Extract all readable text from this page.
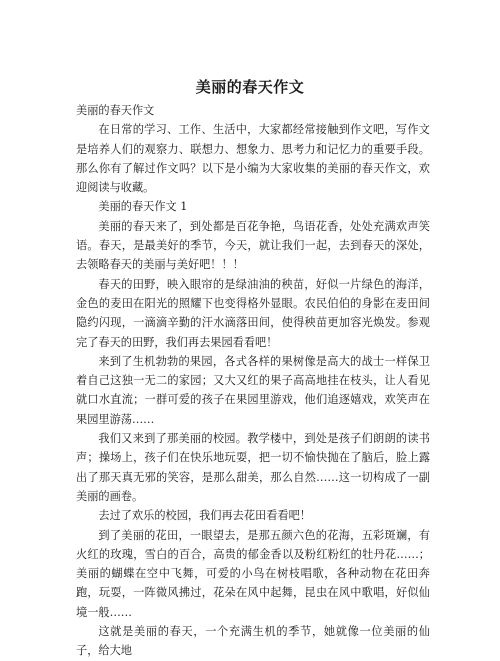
美丽的春天作文

美丽的春天作文

在日常的学习、工作、生活中，大家都经常接触到作文吧，写作文是培养人们的观察力、联想力、想象力、思考力和记忆力的重要手段。那么你有了解过作文吗？以下是小编为大家收集的美丽的春天作文，欢迎阅读与收藏。

美丽的春天作文 1

美丽的春天来了，到处都是百花争艳，鸟语花香，处处充满欢声笑语。春天，是最美好的季节，今天，就让我们一起，去到春天的深处，去领略春天的美丽与美好吧！！！

春天的田野，映入眼帘的是绿油油的秧苗，好似一片绿色的海洋，金色的麦田在阳光的照耀下也变得格外显眼。农民伯伯的身影在麦田间隐约闪现，一滴滴辛勤的汗水滴落田间，使得秧苗更加容光焕发。参观完了春天的田野，我们再去果园看看吧！

来到了生机勃勃的果园，各式各样的果树像是高大的战士一样保卫着自己这独一无二的家园；又大又红的果子高高地挂在枝头，让人看见就口水直流；一群可爱的孩子在果园里游戏，他们追逐嬉戏，欢笑声在果园里游荡……

我们又来到了那美丽的校园。教学楼中，到处是孩子们朗朗的读书声；操场上，孩子们在快乐地玩耍，把一切不愉快抛在了脑后，脸上露出了那天真无邪的笑容，是那么甜美，那么自然……这一切构成了一副美丽的画卷。

去过了欢乐的校园，我们再去花田看看吧！

到了美丽的花田，一眼望去，是那五颜六色的花海，五彩斑斓，有火红的玫瑰，雪白的百合，高贵的郁金香以及粉红粉红的牡丹花……；美丽的蝴蝶在空中飞舞，可爱的小鸟在树枝唱歌，各种动物在花田奔跑，玩耍，一阵微风拂过，花朵在风中起舞，昆虫在风中歌唱，好似仙境一般……

这就是美丽的春天，一个充满生机的季节，她就像一位美丽的仙子，给大地
